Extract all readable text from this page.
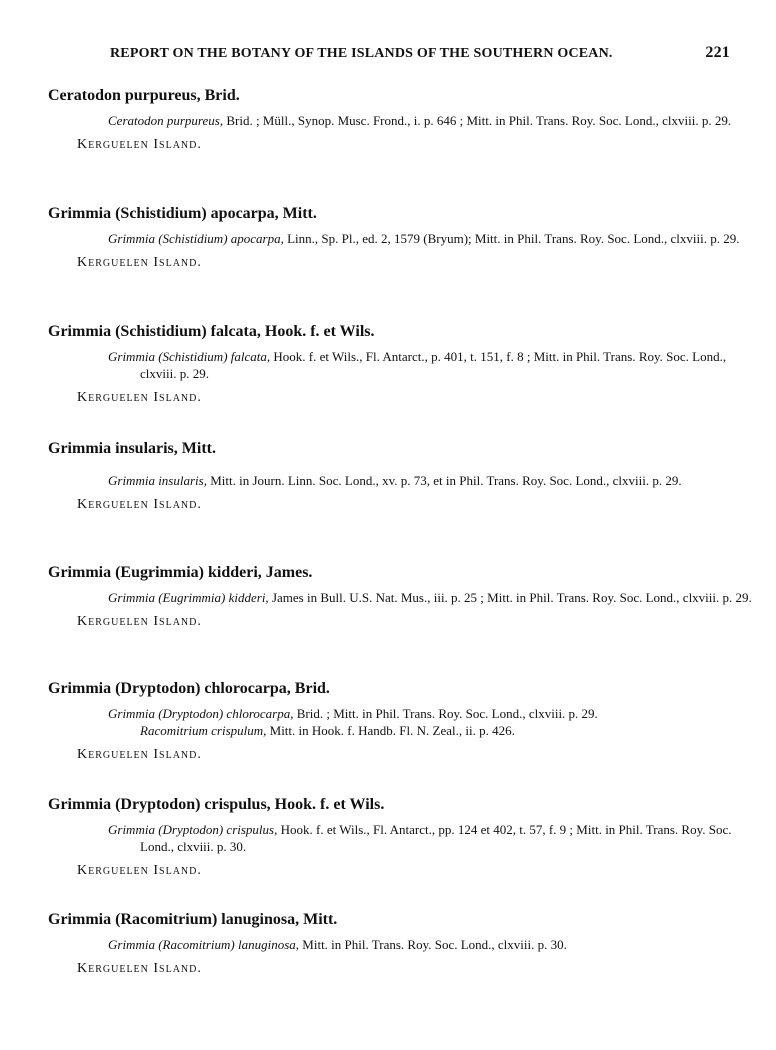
REPORT ON THE BOTANY OF THE ISLANDS OF THE SOUTHERN OCEAN.	221
Ceratodon purpureus, Brid.
Ceratodon purpureus, Brid. ; Müll., Synop. Musc. Frond., i. p. 646 ; Mitt. in Phil. Trans. Roy. Soc. Lond., clxviii. p. 29.
Kerguelen Island.
Grimmia (Schistidium) apocarpa, Mitt.
Grimmia (Schistidium) apocarpa, Linn., Sp. Pl., ed. 2, 1579 (Bryum); Mitt. in Phil. Trans. Roy. Soc. Lond., clxviii. p. 29.
Kerguelen Island.
Grimmia (Schistidium) falcata, Hook. f. et Wils.
Grimmia (Schistidium) falcata, Hook. f. et Wils., Fl. Antarct., p. 401, t. 151, f. 8 ; Mitt. in Phil. Trans. Roy. Soc. Lond., clxviii. p. 29.
Kerguelen Island.
Grimmia insularis, Mitt.
Grimmia insularis, Mitt. in Journ. Linn. Soc. Lond., xv. p. 73, et in Phil. Trans. Roy. Soc. Lond., clxviii. p. 29.
Kerguelen Island.
Grimmia (Eugrimmia) kidderi, James.
Grimmia (Eugrimmia) kidderi, James in Bull. U.S. Nat. Mus., iii. p. 25 ; Mitt. in Phil. Trans. Roy. Soc. Lond., clxviii. p. 29.
Kerguelen Island.
Grimmia (Dryptodon) chlorocarpa, Brid.
Grimmia (Dryptodon) chlorocarpa, Brid. ; Mitt. in Phil. Trans. Roy. Soc. Lond., clxviii. p. 29.
Racomitrium crispulum, Mitt. in Hook. f. Handb. Fl. N. Zeal., ii. p. 426.
Kerguelen Island.
Grimmia (Dryptodon) crispulus, Hook. f. et Wils.
Grimmia (Dryptodon) crispulus, Hook. f. et Wils., Fl. Antarct., pp. 124 et 402, t. 57, f. 9 ; Mitt. in Phil. Trans. Roy. Soc. Lond., clxviii. p. 30.
Kerguelen Island.
Grimmia (Racomitrium) lanuginosa, Mitt.
Grimmia (Racomitrium) lanuginosa, Mitt. in Phil. Trans. Roy. Soc. Lond., clxviii. p. 30.
Kerguelen Island.
